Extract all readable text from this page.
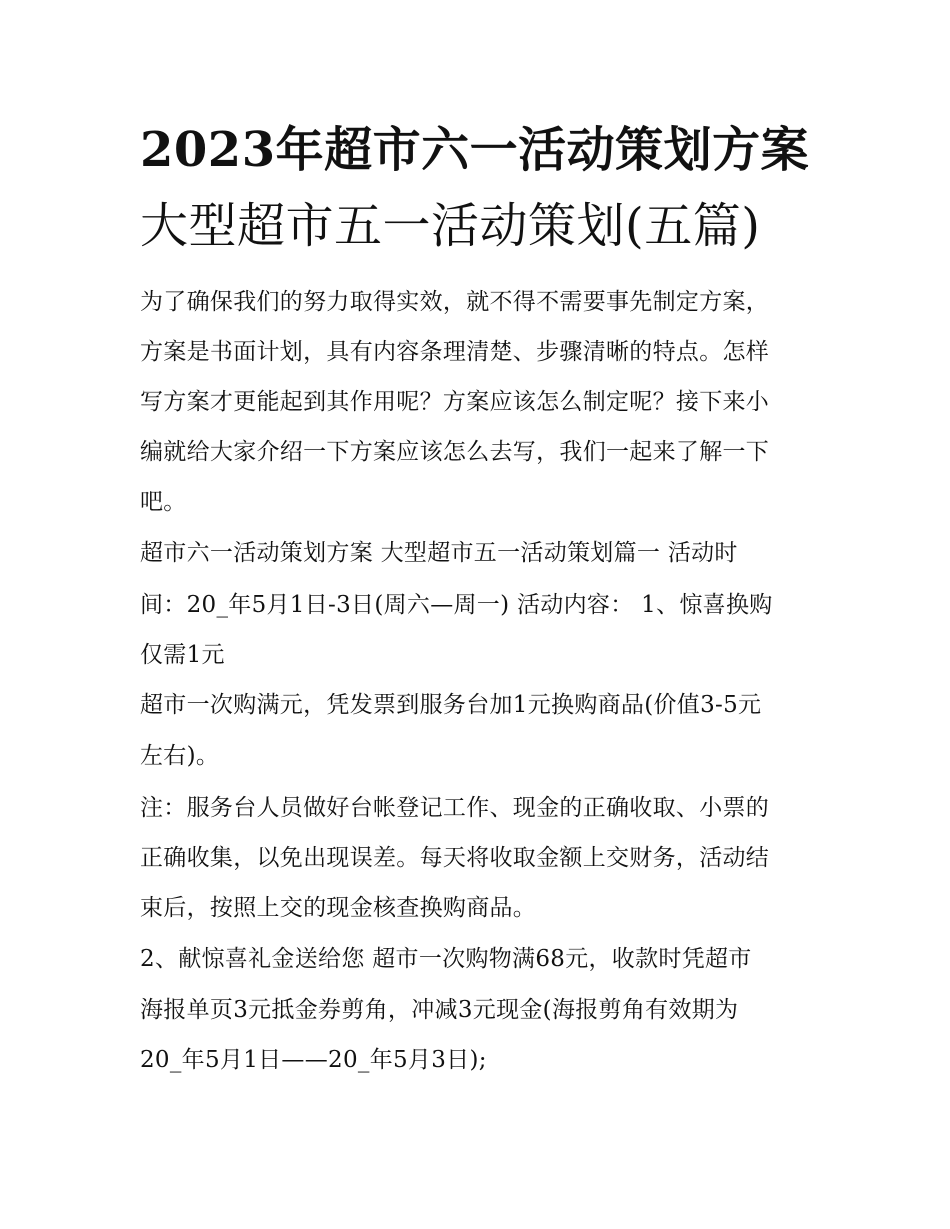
2023年超市六一活动策划方案
大型超市五一活动策划(五篇)
为了确保我们的努力取得实效，就不得不需要事先制定方案，
方案是书面计划，具有内容条理清楚、步骤清晰的特点。怎样
写方案才更能起到其作用呢？方案应该怎么制定呢？接下来小
编就给大家介绍一下方案应该怎么去写，我们一起来了解一下
吧。
超市六一活动策划方案 大型超市五一活动策划篇一 活动时
间：20_年5月1日-3日(周六—周一) 活动内容： 1、惊喜换购
仅需1元
超市一次购满元，凭发票到服务台加1元换购商品(价值3-5元
左右)。
注：服务台人员做好台帐登记工作、现金的正确收取、小票的
正确收集，以免出现误差。每天将收取金额上交财务，活动结
束后，按照上交的现金核查换购商品。
2、献惊喜礼金送给您 超市一次购物满68元，收款时凭超市
海报单页3元抵金券剪角，冲减3元现金(海报剪角有效期为
20_年5月1日——20_年5月3日);
